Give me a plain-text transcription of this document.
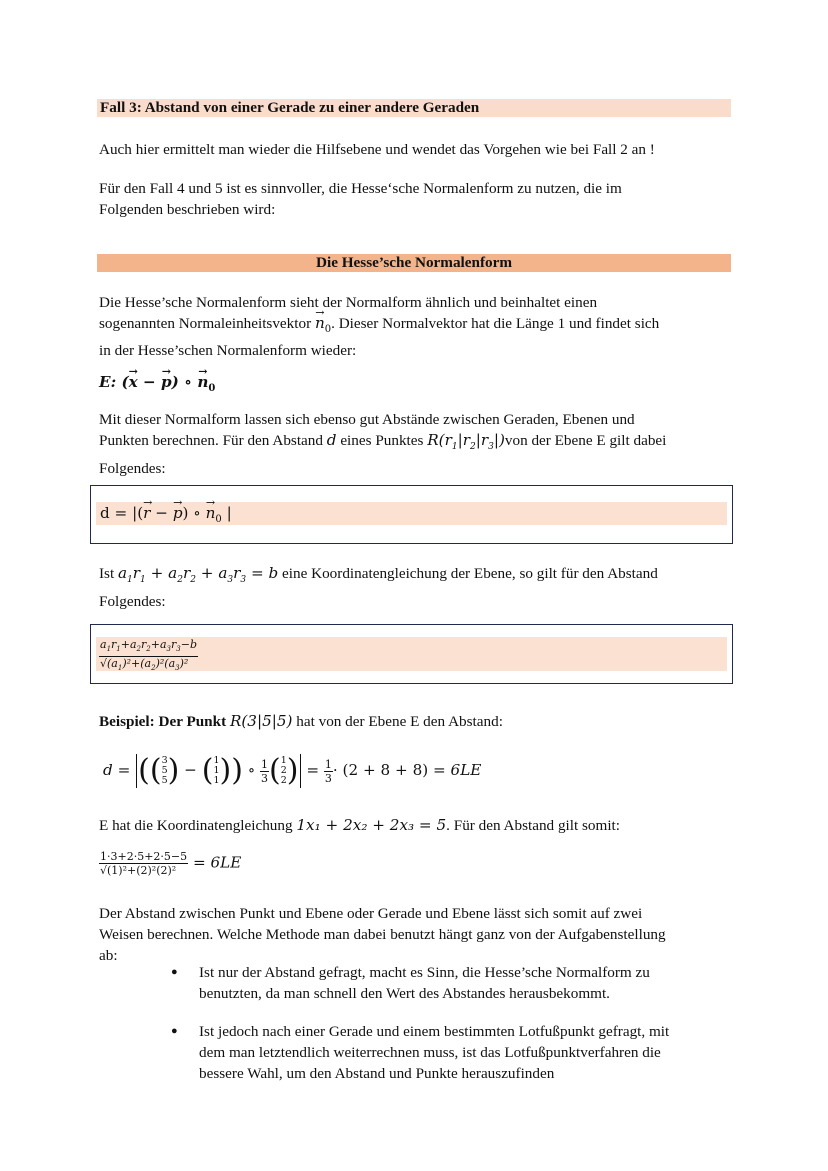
Fall 3: Abstand von einer Gerade zu einer andere Geraden
Auch hier ermittelt man wieder die Hilfsebene und wendet das Vorgehen wie bei Fall 2 an !
Für den Fall 4 und 5 ist es sinnvoller, die Hesse‘sche Normalenform zu nutzen, die im
Folgenden beschrieben wird:
Die Hesse’sche Normalenform
Die Hesse’sche Normalenform sieht der Normalform ähnlich und beinhaltet einen
sogenannten Normaleinheitsvektor → $n_0$. Dieser Normalvektor hat die Länge 1 und findet sich
in der Hesse’schen Normalenform wieder:
E: (→ x − → p) ∘ → $n_0$
Mit dieser Normalform lassen sich ebenso gut Abstände zwischen Geraden, Ebenen und
Punkten berechnen. Für den Abstand d eines Punktes $R(r_1|r_2|r_3|)von$ der Ebene E gilt dabei
Folgendes:
d = |(→ r − → p) ∘ → $n_0$ |
Ist $a_1r_1 + a_2r_2 + a_3r_3 = b$ eine Koordinatengleichung der Ebene, so gilt für den Abstand
Folgendes:
$\frac{a_1r_1+a_2r_2+a_3r_3-b}{√(a_1)^2+(a_2)^2(a_3)^2}$
Beispiel: Der Punkt R(3|5|5) hat von der Ebene E den Abstand:
d = ((3
5
5) − (1
1
1)) ∘ $\frac{1}{3} (1$
2
$2) = \frac{1}{3} \cdot (2 + 8 + 8) = 6LE$
E hat die Koordinatengleichung 1x₁ + 2x₂ + 2x₃ = 5. Für den Abstand gilt somit:
$\frac{1\cdot 3+2\cdot 5+2\cdot 5-5}{\text{√(1)²+(2)²(2)²}} = 6LE$
Der Abstand zwischen Punkt und Ebene oder Gerade und Ebene lässt sich somit auf zwei
Weisen berechnen. Welche Methode man dabei benutzt hängt ganz von der Aufgabenstellung
ab:
● Ist nur der Abstand gefragt, macht es Sinn, die Hesse’sche Normalform zu
benutzten, da man schnell den Wert des Abstandes herausbekommt.
● Ist jedoch nach einer Gerade und einem bestimmten Lotfußpunkt gefragt, mit
dem man letztendlich weiterrechnen muss, ist das Lotfußpunktverfahren die
bessere Wahl, um den Abstand und Punkte herauszufinden
